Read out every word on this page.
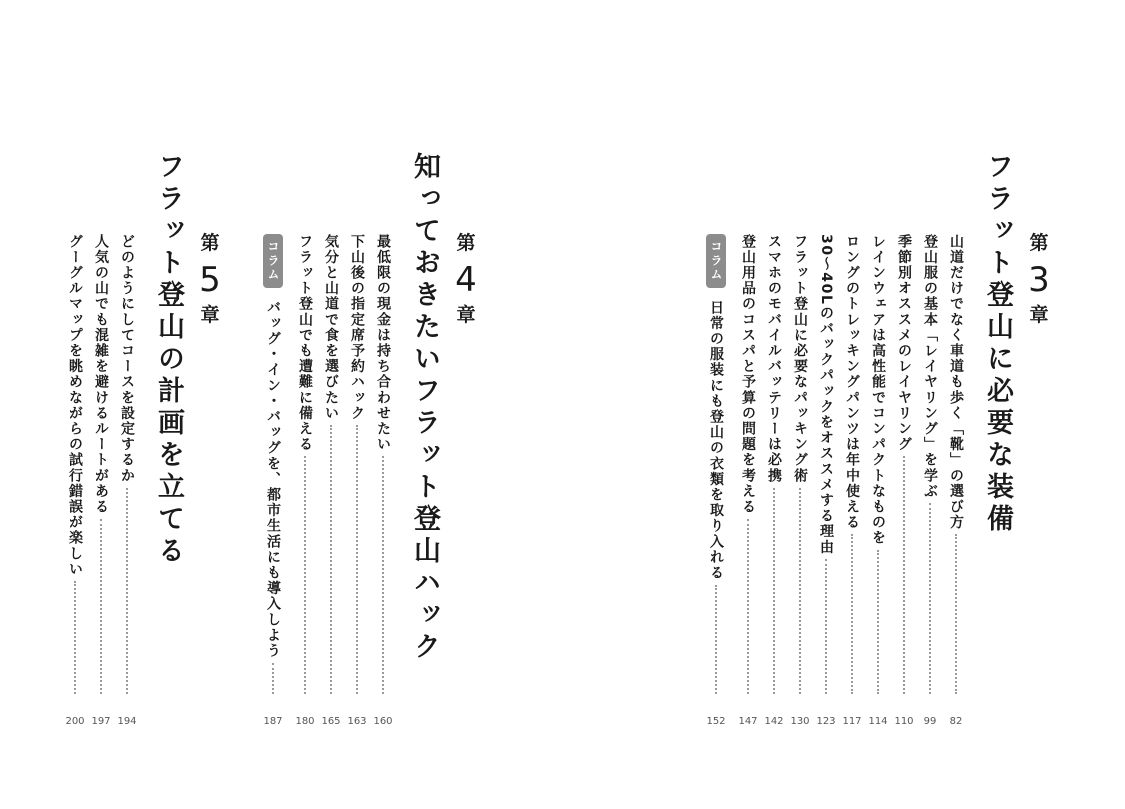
第
3
章
フラット登山に必要な装備
山道だけでなく車道も歩く「靴」の選び方
82
登山服の基本「レイヤリング」を学ぶ
99
季節別オススメのレイヤリング
110
レインウェアは高性能でコンパクトなものを
114
ロングのトレッキングパンツは年中使える
117
30～40Lのバックパックをオススメする理由
123
フラット登山に必要なパッキング術
130
スマホのモバイルバッテリーは必携
142
登山用品のコスパと予算の問題を考える
147
コラム
日常の服装にも登山の衣類を取り入れる
152
第
4
章
知っておきたいフラット登山ハック
最低限の現金は持ち合わせたい
160
下山後の指定席予約ハック
163
気分と山道で食を選びたい
165
フラット登山でも遭難に備える
180
コラム
バッグ・イン・バッグを、都市生活にも導入しよう
187
第
5
章
フラット登山の計画を立てる
どのようにしてコースを設定するか
194
人気の山でも混雑を避けるルートがある
197
グーグルマップを眺めながらの試行錯誤が楽しい
200
